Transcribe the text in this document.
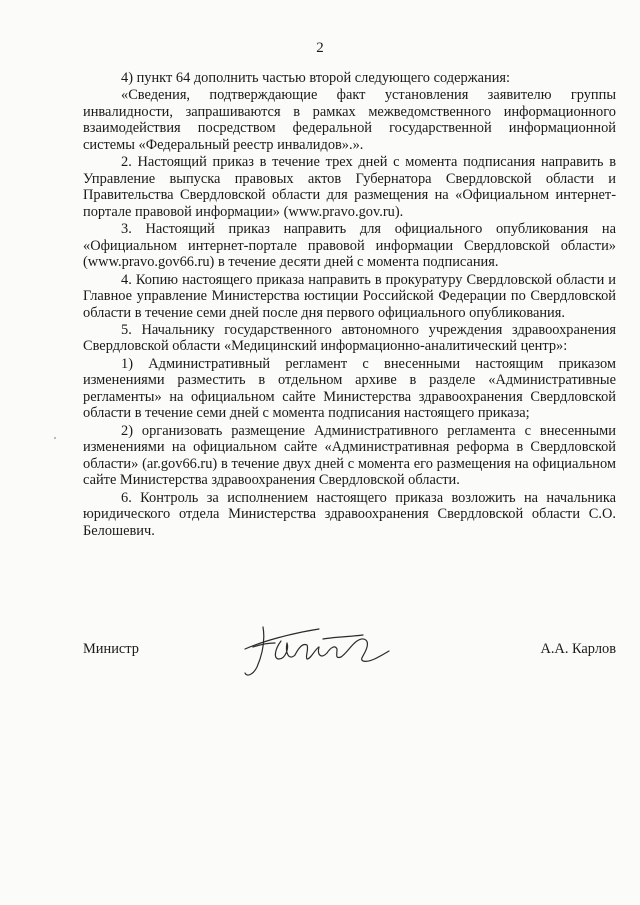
2

4) пункт 64 дополнить частью второй следующего содержания:

«Сведения, подтверждающие факт установления заявителю группы инвалидности, запрашиваются в рамках межведомственного информационного взаимодействия посредством федеральной государственной информационной системы «Федеральный реестр инвалидов».».

2. Настоящий приказ в течение трех дней с момента подписания направить в Управление выпуска правовых актов Губернатора Свердловской области и Правительства Свердловской области для размещения на «Официальном интернет-портале правовой информации» (www.pravo.gov.ru).

3. Настоящий приказ направить для официального опубликования на «Официальном интернет-портале правовой информации Свердловской области» (www.pravo.gov66.ru) в течение десяти дней с момента подписания.

4. Копию настоящего приказа направить в прокуратуру Свердловской области и Главное управление Министерства юстиции Российской Федерации по Свердловской области в течение семи дней после дня первого официального опубликования.

5. Начальнику государственного автономного учреждения здравоохранения Свердловской области «Медицинский информационно-аналитический центр»:

1) Административный регламент с внесенными настоящим приказом изменениями разместить в отдельном архиве в разделе «Административные регламенты» на официальном сайте Министерства здравоохранения Свердловской области в течение семи дней с момента подписания настоящего приказа;

2) организовать размещение Административного регламента с внесенными изменениями на официальном сайте «Административная реформа в Свердловской области» (ar.gov66.ru) в течение двух дней с момента его размещения на официальном сайте Министерства здравоохранения Свердловской области.

6. Контроль за исполнением настоящего приказа возложить на начальника юридического отдела Министерства здравоохранения Свердловской области С.О. Белошевич.

Министр	А.А. Карлов
